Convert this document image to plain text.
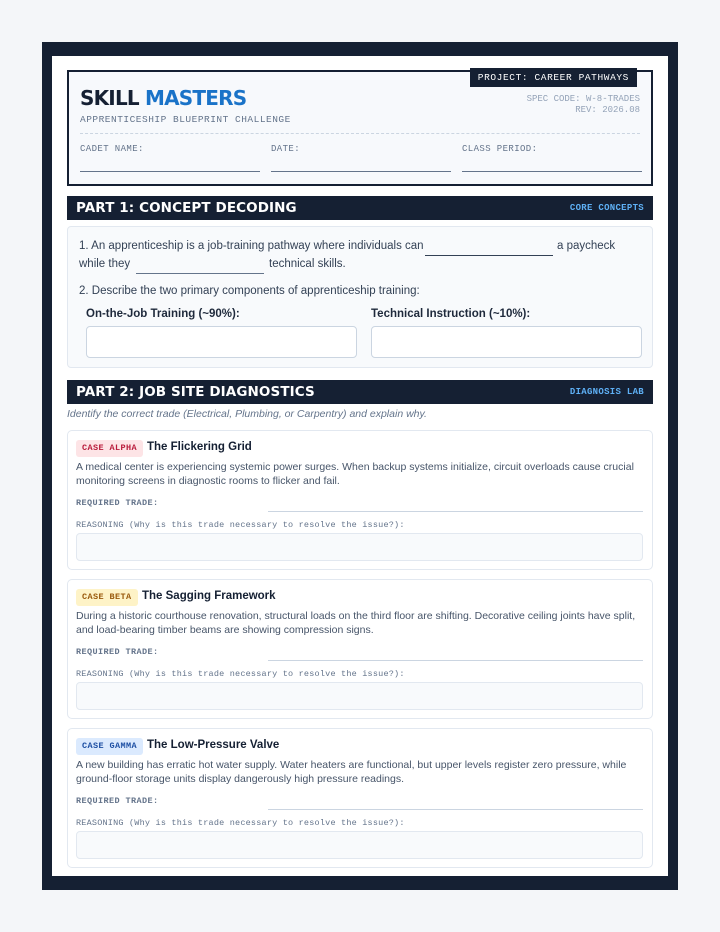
PROJECT: CAREER PATHWAYS
SKILL MASTERS
APPRENTICESHIP BLUEPRINT CHALLENGE
SPEC CODE: W-8-TRADES
REV: 2026.08
CADET NAME:	DATE:	CLASS PERIOD:
PART 1: CONCEPT DECODING	CORE CONCEPTS
1. An apprenticeship is a job-training pathway where individuals can	a paycheck
while they	technical skills.
2. Describe the two primary components of apprenticeship training:
On-the-Job Training (~90%):	Technical Instruction (~10%):
PART 2: JOB SITE DIAGNOSTICS	DIAGNOSIS LAB
Identify the correct trade (Electrical, Plumbing, or Carpentry) and explain why.
CASE ALPHA The Flickering Grid
A medical center is experiencing systemic power surges. When backup systems initialize, circuit overloads cause crucial
monitoring screens in diagnostic rooms to flicker and fail.
REQUIRED TRADE:
REASONING (Why is this trade necessary to resolve the issue?):
CASE BETA The Sagging Framework
During a historic courthouse renovation, structural loads on the third floor are shifting. Decorative ceiling joints have split,
and load-bearing timber beams are showing compression signs.
REQUIRED TRADE:
REASONING (Why is this trade necessary to resolve the issue?):
CASE GAMMA The Low-Pressure Valve
A new building has erratic hot water supply. Water heaters are functional, but upper levels register zero pressure, while
ground-floor storage units display dangerously high pressure readings.
REQUIRED TRADE:
REASONING (Why is this trade necessary to resolve the issue?):
